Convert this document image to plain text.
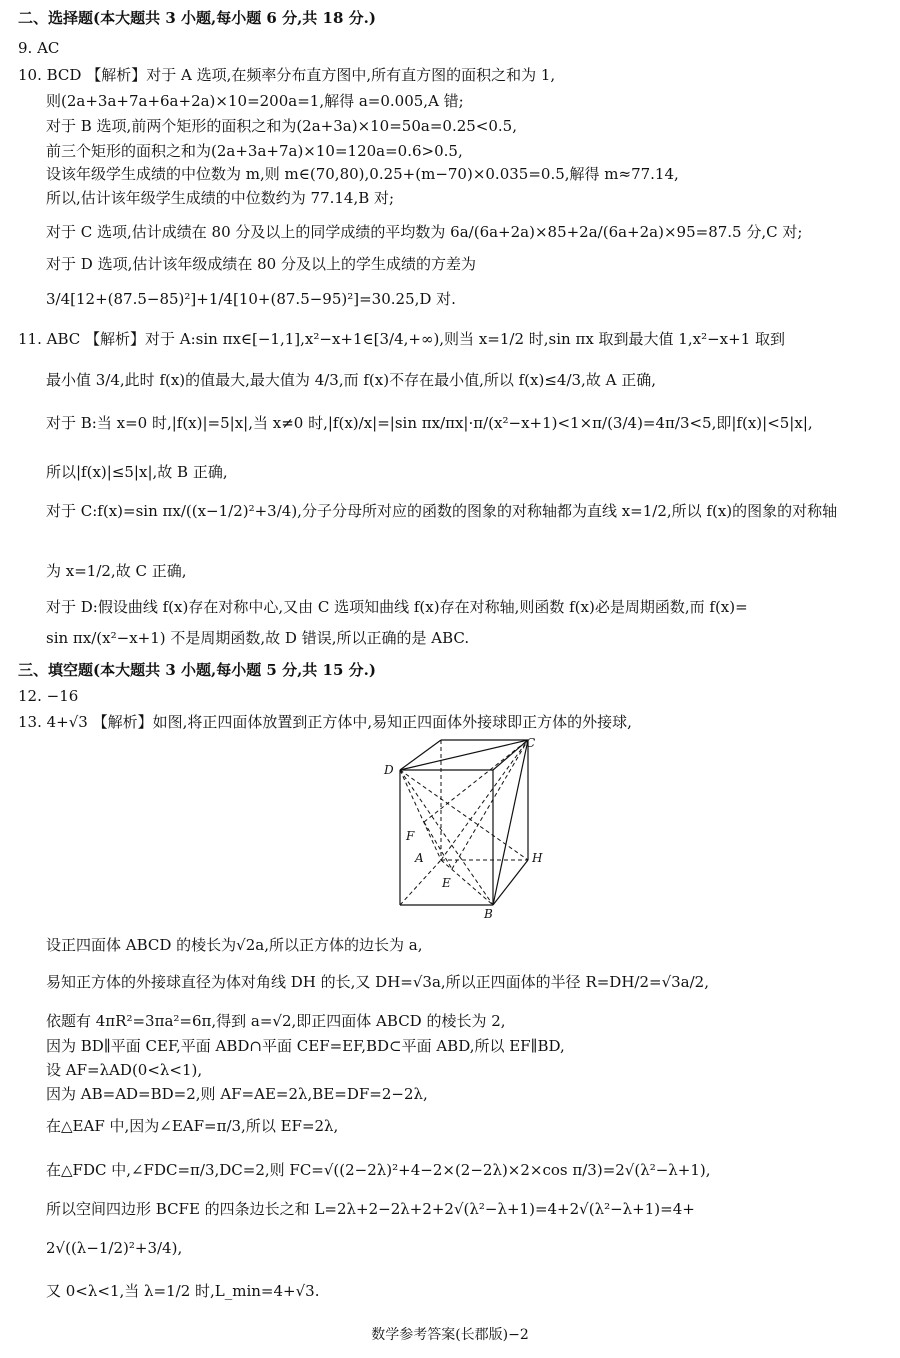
二、选择题(本大题共 3 小题,每小题 6 分,共 18 分.)
9. AC
10. BCD 【解析】对于 A 选项,在频率分布直方图中,所有直方图的面积之和为 1,
则(2a+3a+7a+6a+2a)×10=200a=1,解得 a=0.005,A 错;
对于 B 选项,前两个矩形的面积之和为(2a+3a)×10=50a=0.25<0.5,
前三个矩形的面积之和为(2a+3a+7a)×10=120a=0.6>0.5,
设该年级学生成绩的中位数为 m,则 m∈(70,80),0.25+(m−70)×0.035=0.5,解得 m≈77.14,
所以,估计该年级学生成绩的中位数约为 77.14,B 对;
对于 C 选项,估计成绩在 80 分及以上的同学成绩的平均数为 6a/(6a+2a)×85+2a/(6a+2a)×95=87.5 分,C 对;
对于 D 选项,估计该年级成绩在 80 分及以上的学生成绩的方差为
3/4[12+(87.5−85)²]+1/4[10+(87.5−95)²]=30.25,D 对.
11. ABC 【解析】对于 A:sin πx∈[−1,1],x²−x+1∈[3/4,+∞),则当 x=1/2 时,sin πx 取到最大值 1,x²−x+1 取到
最小值 3/4,此时 f(x)的值最大,最大值为 4/3,而 f(x)不存在最小值,所以 f(x)≤4/3,故 A 正确,
对于 B:当 x=0 时,|f(x)|=5|x|,当 x≠0 时,|f(x)/x|=|sin πx/πx|·π/(x²−x+1)<1×π/(3/4)=4π/3<5,即|f(x)|<5|x|,
所以|f(x)|≤5|x|,故 B 正确,
对于 C:f(x)=sin πx/((x−1/2)²+3/4),分子分母所对应的函数的图象的对称轴都为直线 x=1/2,所以 f(x)的图象的对称轴
为 x=1/2,故 C 正确,
对于 D:假设曲线 f(x)存在对称中心,又由 C 选项知曲线 f(x)存在对称轴,则函数 f(x)必是周期函数,而 f(x)=
sin πx/(x²−x+1) 不是周期函数,故 D 错误,所以正确的是 ABC.
三、填空题(本大题共 3 小题,每小题 5 分,共 15 分.)
12. −16
13. 4+√3 【解析】如图,将正四面体放置到正方体中,易知正四面体外接球即正方体的外接球,
C
D
F
A	H
E
B
设正四面体 ABCD 的棱长为√2a,所以正方体的边长为 a,
易知正方体的外接球直径为体对角线 DH 的长,又 DH=√3a,所以正四面体的半径 R=DH/2=√3a/2,
依题有 4πR²=3πa²=6π,得到 a=√2,即正四面体 ABCD 的棱长为 2,
因为 BD∥平面 CEF,平面 ABD∩平面 CEF=EF,BD⊂平面 ABD,所以 EF∥BD,
设 AF=λAD(0<λ<1),
因为 AB=AD=BD=2,则 AF=AE=2λ,BE=DF=2−2λ,
在△EAF 中,因为∠EAF=π/3,所以 EF=2λ,
在△FDC 中,∠FDC=π/3,DC=2,则 FC=√((2−2λ)²+4−2×(2−2λ)×2×cos π/3)=2√(λ²−λ+1),
所以空间四边形 BCFE 的四条边长之和 L=2λ+2−2λ+2+2√(λ²−λ+1)=4+2√(λ²−λ+1)=4+
2√((λ−1/2)²+3/4),
又 0<λ<1,当 λ=1/2 时,L_min=4+√3.
数学参考答案(长郡版)−2
